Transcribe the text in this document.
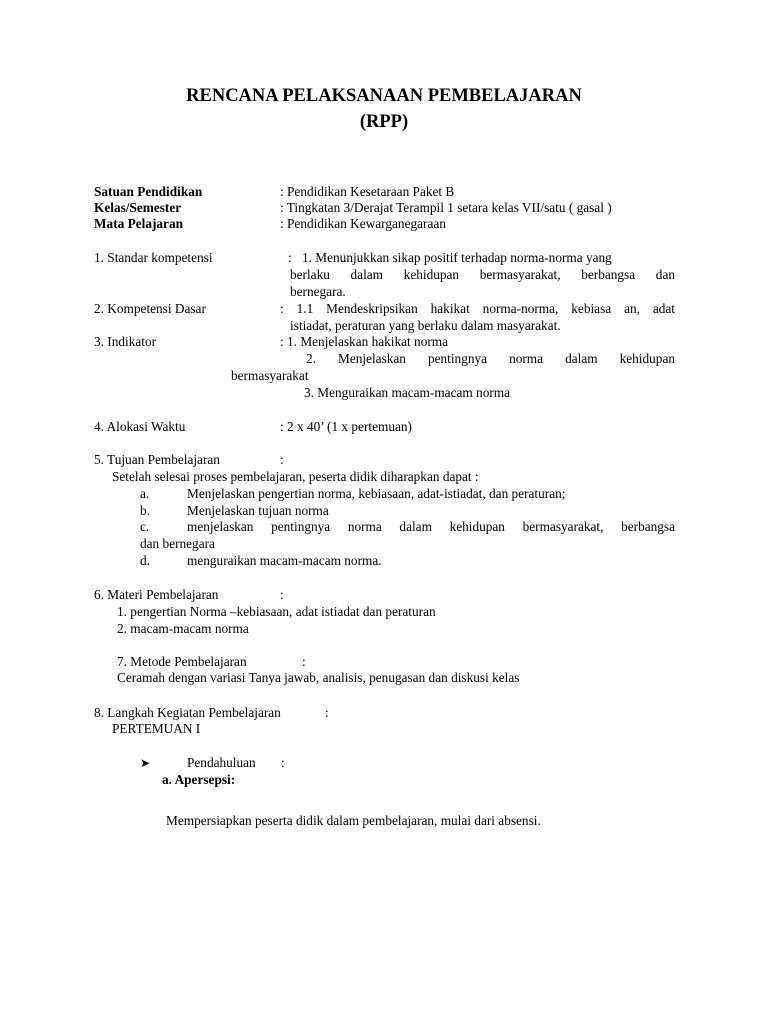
RENCANA PELAKSANAAN PEMBELAJARAN
(RPP)
Satuan Pendidikan	: Pendidikan Kesetaraan Paket B
Kelas/Semester	: Tingkatan 3/Derajat Terampil 1 setara kelas VII/satu ( gasal )
Mata Pelajaran	: Pendidikan Kewarganegaraan
1. Standar kompetensi	: 1. Menunjukkan sikap positif terhadap norma-norma yang
berlaku dalam kehidupan bermasyarakat, berbangsa dan
bernegara.
2. Kompetensi Dasar	: 1.1 Mendeskripsikan hakikat norma-norma, kebiasa an, adat
istiadat, peraturan yang berlaku dalam masyarakat.
3. Indikator	: 1. Menjelaskan hakikat norma
2. Menjelaskan pentingnya norma dalam kehidupan
bermasyarakat
3. Menguraikan macam-macam norma
4. Alokasi Waktu	: 2 x 40’ (1 x pertemuan)
5. Tujuan Pembelajaran	:
Setelah selesai proses pembelajaran, peserta didik diharapkan dapat :
a.	Menjelaskan pengertian norma, kebiasaan, adat-istiadat, dan peraturan;
b.	Menjelaskan tujuan norma
c.	menjelaskan pentingnya norma dalam kehidupan bermasyarakat, berbangsa
dan bernegara
d.	menguraikan macam-macam norma.
6. Materi Pembelajaran	:
1. pengertian Norma –kebiasaan, adat istiadat dan peraturan
2. macam-macam norma
7. Metode Pembelajaran	:
Ceramah dengan variasi Tanya jawab, analisis, penugasan dan diskusi kelas
8. Langkah Kegiatan Pembelajaran	:
PERTEMUAN I
➤	Pendahuluan :
a. Apersepsi:
Mempersiapkan peserta didik dalam pembelajaran, mulai dari absensi.
